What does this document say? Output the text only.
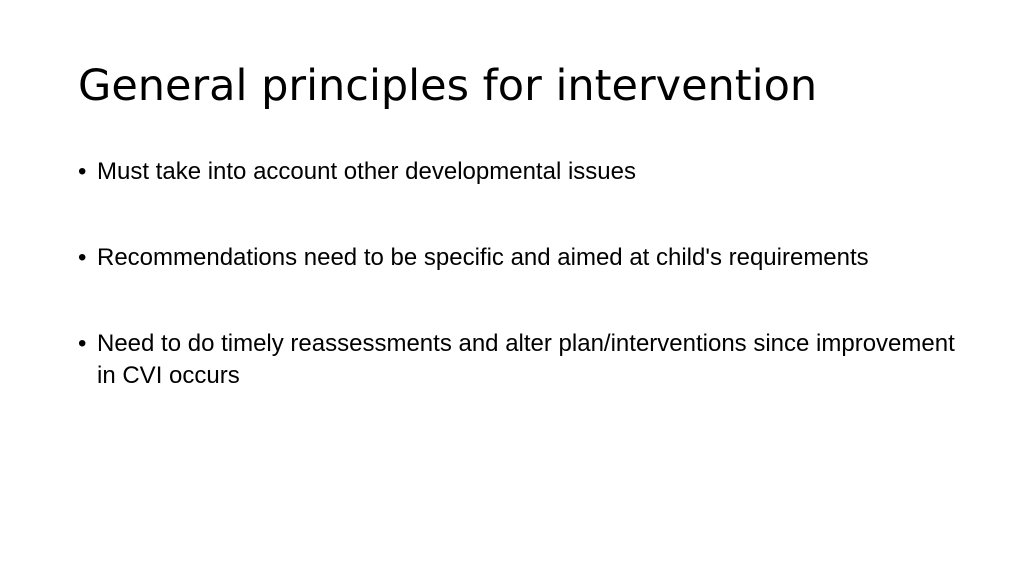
General principles for intervention
• Must take into account other developmental issues
• Recommendations need to be specific and aimed at child's requirements
• Need to do timely reassessments and alter plan/interventions since improvement in CVI occurs
